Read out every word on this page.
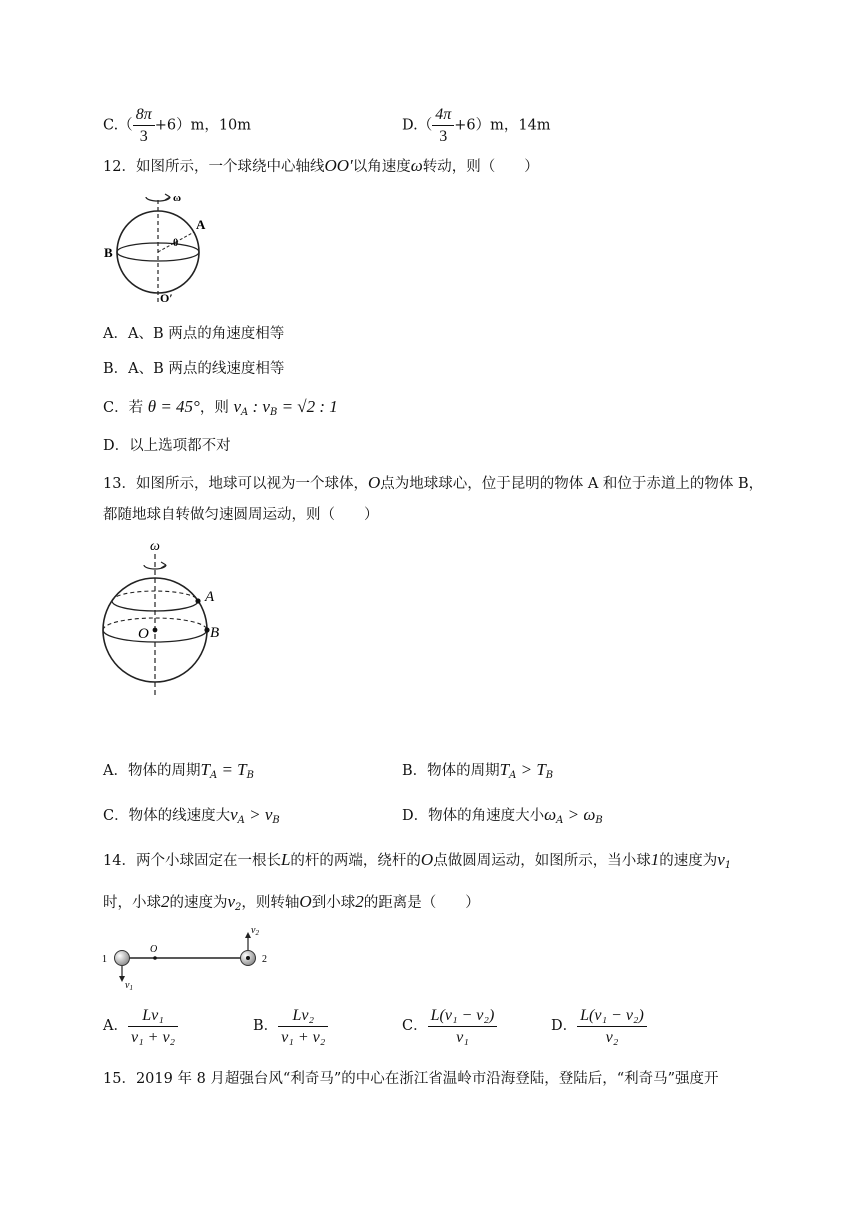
$C.( \frac{8\pi}{3} +6)m$，10m	$D.( \frac{4\pi}{3} +6)m$，14m
12．如图所示，一个球绕中心轴线OO′以角速度ω转动，则（　　）
ω
A
B
θ
O′
A．A、B 两点的角速度相等
B．A、B 两点的线速度相等
C．若 θ = 45°，则 $v_A$ : $v_B = √2$ : 1
D．以上选项都不对
13．如图所示，地球可以视为一个球体，O点为地球球心，位于昆明的物体 A 和位于赤道上的物体 B，
都随地球自转做匀速圆周运动，则（　　）
ω
A
B
O
A．物体的周期$T_A = T_B$	B．物体的周期$T_A > T_B$
C．物体的线速度大$v_A > v_B$	D．物体的角速度大小$\omega_A > \omega_B$
14．两个小球固定在一根长L的杆的两端，绕杆的O点做圆周运动，如图所示，当小球1的速度为$v_1$
时，小球2的速度为$v_2$，则转轴O到小球2的距离是（　　）
1	2
O
$v_1$
$v_2$
A． $\frac{\text{Lv₁}}{\text{v₁ + v₂}}$	B． $\frac{\text{Lv₂}}{\text{v₁ + v₂}}$	C． $\frac{\text{L(v₁ − v₂)}}{\text{v₁}}$	D． $\frac{\text{L(v₁ − v₂)}}{\text{v₂}}$
15．2019 年 8 月超强台风“利奇马”的中心在浙江省温岭市沿海登陆，登陆后，“利奇马”强度开
